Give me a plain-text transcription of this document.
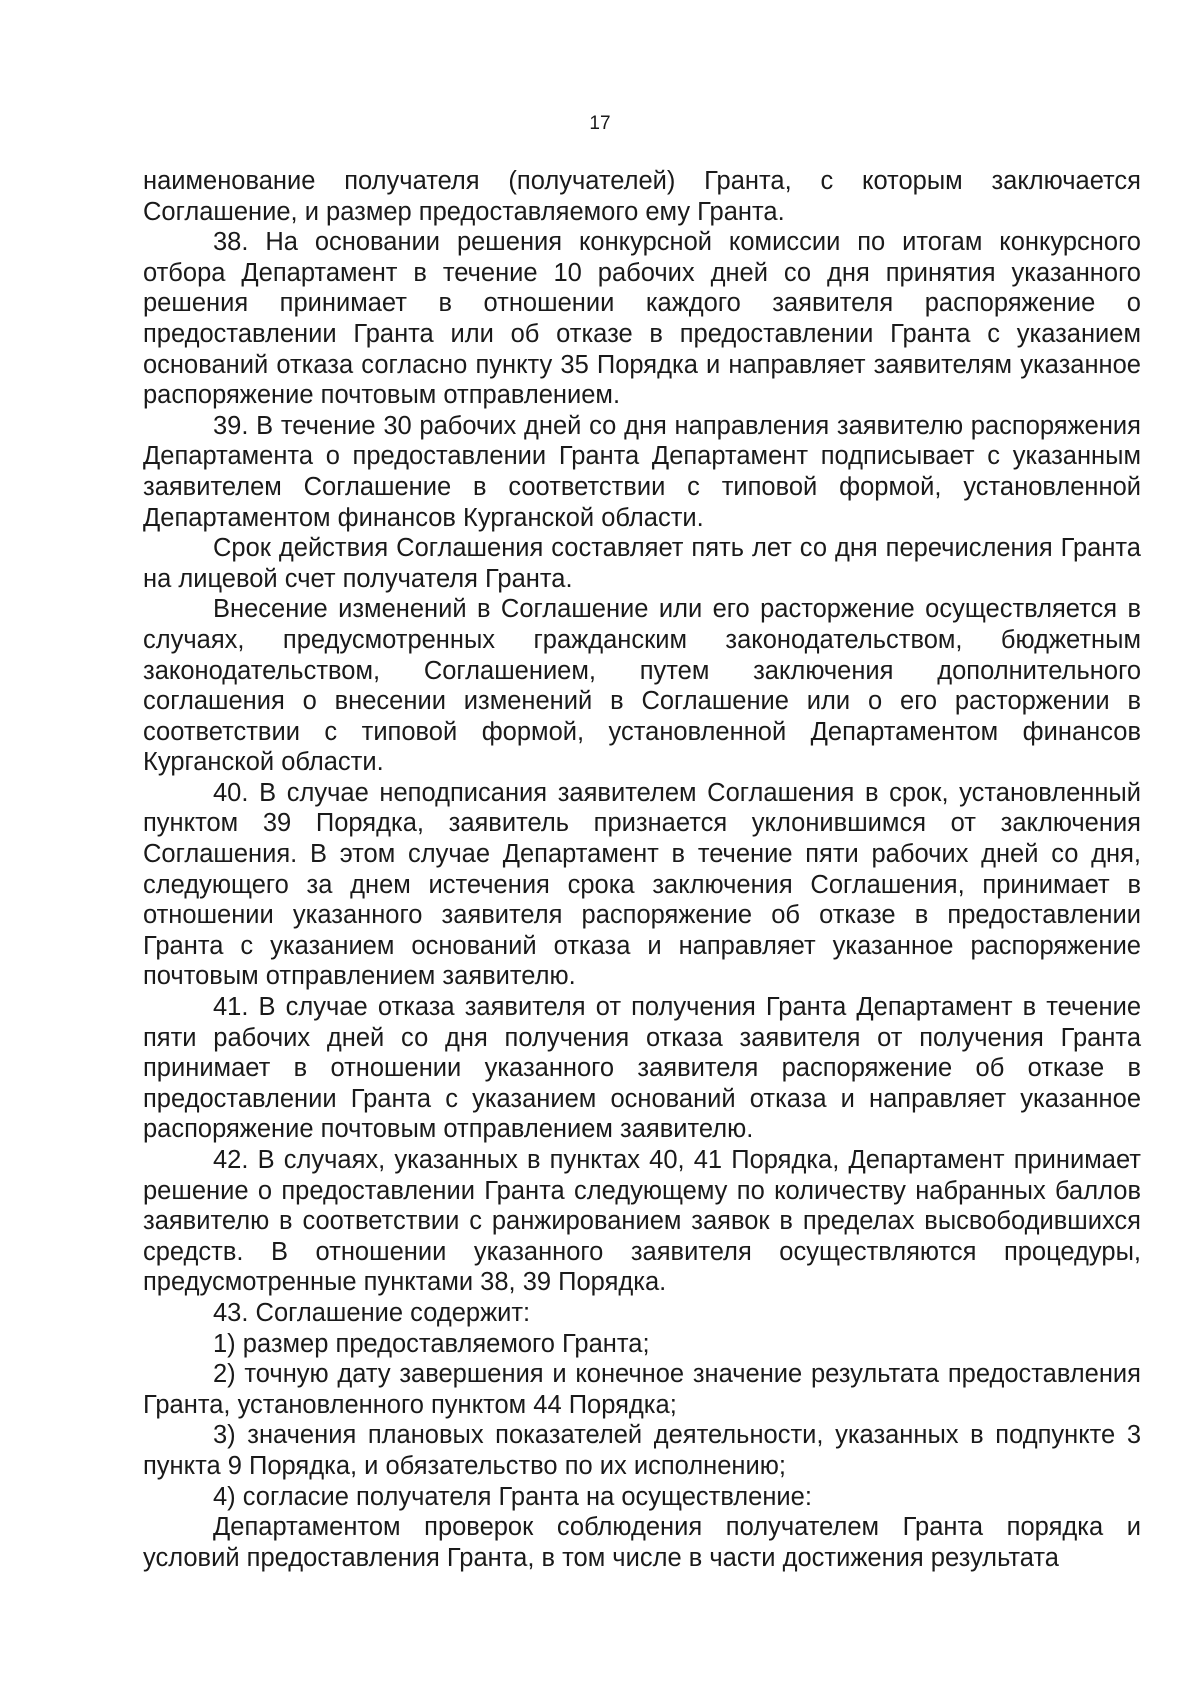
17

наименование получателя (получателей) Гранта, с которым заключается Соглашение, и размер предоставляемого ему Гранта.

38. На основании решения конкурсной комиссии по итогам конкурсного отбора Департамент в течение 10 рабочих дней со дня принятия указанного решения принимает в отношении каждого заявителя распоряжение о предоставлении Гранта или об отказе в предоставлении Гранта с указанием оснований отказа согласно пункту 35 Порядка и направляет заявителям указанное распоряжение почтовым отправлением.

39. В течение 30 рабочих дней со дня направления заявителю распоряжения Департамента о предоставлении Гранта Департамент подписывает с указанным заявителем Соглашение в соответствии с типовой формой, установленной Департаментом финансов Курганской области.

Срок действия Соглашения составляет пять лет со дня перечисления Гранта на лицевой счет получателя Гранта.

Внесение изменений в Соглашение или его расторжение осуществляется в случаях, предусмотренных гражданским законодательством, бюджетным законодательством, Соглашением, путем заключения дополнительного соглашения о внесении изменений в Соглашение или о его расторжении в соответствии с типовой формой, установленной Департаментом финансов Курганской области.

40. В случае неподписания заявителем Соглашения в срок, установленный пунктом 39 Порядка, заявитель признается уклонившимся от заключения Соглашения. В этом случае Департамент в течение пяти рабочих дней со дня, следующего за днем истечения срока заключения Соглашения, принимает в отношении указанного заявителя распоряжение об отказе в предоставлении Гранта с указанием оснований отказа и направляет указанное распоряжение почтовым отправлением заявителю.

41. В случае отказа заявителя от получения Гранта Департамент в течение пяти рабочих дней со дня получения отказа заявителя от получения Гранта принимает в отношении указанного заявителя распоряжение об отказе в предоставлении Гранта с указанием оснований отказа и направляет указанное распоряжение почтовым отправлением заявителю.

42. В случаях, указанных в пунктах 40, 41 Порядка, Департамент принимает решение о предоставлении Гранта следующему по количеству набранных баллов заявителю в соответствии с ранжированием заявок в пределах высвободившихся средств. В отношении указанного заявителя осуществляются процедуры, предусмотренные пунктами 38, 39 Порядка.

43. Соглашение содержит:

1) размер предоставляемого Гранта;

2) точную дату завершения и конечное значение результата предоставления Гранта, установленного пунктом 44 Порядка;

3) значения плановых показателей деятельности, указанных в подпункте 3 пункта 9 Порядка, и обязательство по их исполнению;

4) согласие получателя Гранта на осуществление:

Департаментом проверок соблюдения получателем Гранта порядка и условий предоставления Гранта, в том числе в части достижения результата
